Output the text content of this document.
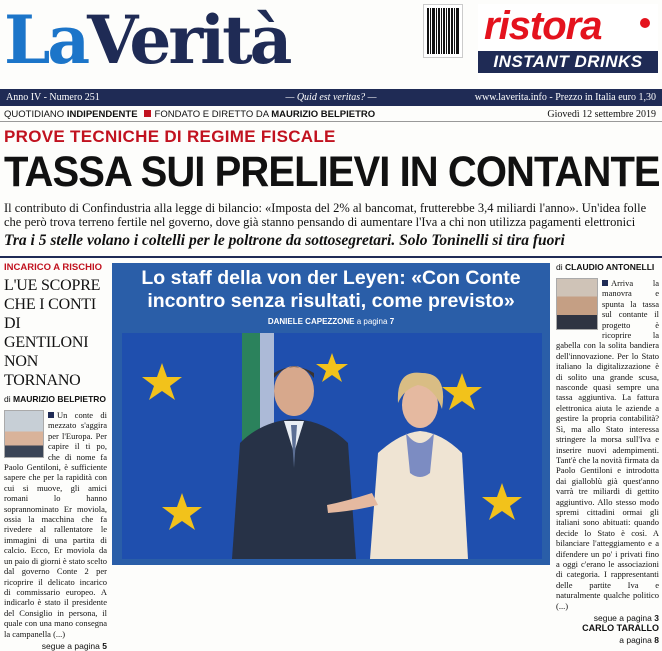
LaVerità	ristora
INSTANT DRINKS
Anno IV - Numero 251	— Quid est veritas? —	www.laverita.info - Prezzo in Italia euro 1,30
QUOTIDIANO INDIPENDENTE FONDATO E DIRETTO DA MAURIZIO BELPIETRO	Giovedì 12 settembre 2019
PROVE TECNICHE DI REGIME FISCALE
TASSA SUI PRELIEVI IN CONTANTE
Il contributo di Confindustria alla legge di bilancio: «Imposta del 2% al bancomat, frutterebbe 3,4 miliardi l'anno». Un'idea folle che però trova terreno fertile nel governo, dove già stanno pensando di aumentare l'Iva a chi non utilizza pagamenti elettronici
Tra i 5 stelle volano i coltelli per le poltrone da sottosegretari. Solo Toninelli si tira fuori
INCARICO A RISCHIO
L'UE SCOPRE CHE I CONTI DI GENTILONI NON TORNANO
di MAURIZIO BELPIETRO
Un conte di mezzato s'aggira per l'Europa. Per capire il ti po, che di nome fa Paolo Gentiloni, è sufficiente sapere che per la rapidità con cui si muove, gli amici romani lo hanno soprannominato Er moviola, ossia la macchina che fa rivedere al rallentatore le immagini di una partita di calcio. Ecco, Er moviola da un paio di giorni è stato scelto dal governo Conte 2 per ricoprire il delicato incarico di commissario europeo. A indicarlo è stato il presidente del Consiglio in persona, il quale con una mano consegna la campanella (...)
segue a pagina 5
Lo staff della von der Leyen: «Con Conte incontro senza risultati, come previsto»
DANIELE CAPEZZONE a pagina 7
di CLAUDIO ANTONELLI
Arriva la manovra e spunta la tassa sul contante il progetto è ricoprire la gabella con la solita bandiera dell'innovazione. Per lo Stato italiano la digitalizzazione è di solito una grande scusa, nasconde quasi sempre una tassa aggiuntiva. La fattura elettronica aiuta le aziende a gestire la propria contabilità? Sì, ma allo Stato interessa stringere la morsa sull'Iva e inserire nuovi adempimenti. Tant'è che la novità firmata da Paolo Gentiloni e introdotta dai gialloblù già quest'anno varrà tre miliardi di gettito aggiuntivo. Allo stesso modo spremi cittadini ormai gli italiani sono abituati: quando decide lo Stato è così. A bilanciare l'atteggiamento e a difendere un po' i privati fino a oggi c'erano le associazioni di categoria. I rappresentanti delle partite Iva e naturalmente qualche politico (...)
segue a pagina 3
CARLO TARALLO
a pagina 8
